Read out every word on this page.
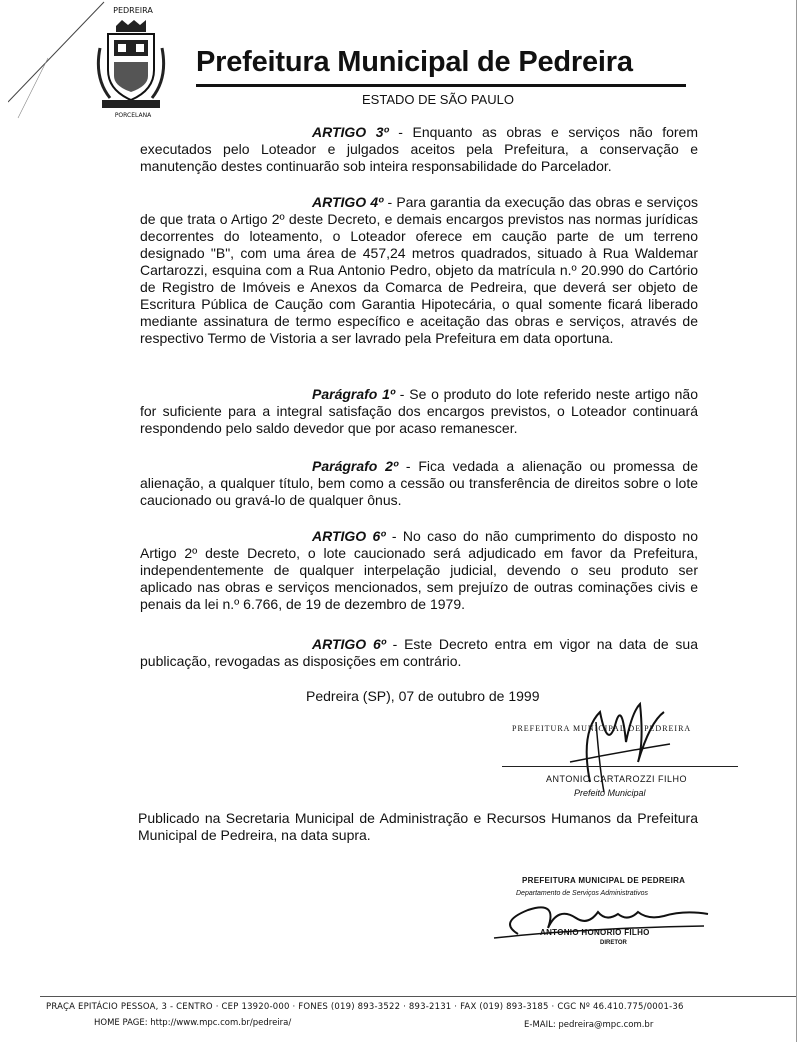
PEDREIRA
PORCELANA
Prefeitura Municipal de Pedreira
ESTADO DE SÃO PAULO

ARTIGO 3º - Enquanto as obras e serviços não forem executados pelo Loteador e julgados aceitos pela Prefeitura, a conservação e manutenção destes continuarão sob inteira responsabilidade do Parcelador.

ARTIGO 4º - Para garantia da execução das obras e serviços de que trata o Artigo 2º deste Decreto, e demais encargos previstos nas normas jurídicas decorrentes do loteamento, o Loteador oferece em caução parte de um terreno designado "B", com uma área de 457,24 metros quadrados, situado à Rua Waldemar Cartarozzi, esquina com a Rua Antonio Pedro, objeto da matrícula n.º 20.990 do Cartório de Registro de Imóveis e Anexos da Comarca de Pedreira, que deverá ser objeto de Escritura Pública de Caução com Garantia Hipotecária, o qual somente ficará liberado mediante assinatura de termo específico e aceitação das obras e serviços, através de respectivo Termo de Vistoria a ser lavrado pela Prefeitura em data oportuna.

Parágrafo 1º - Se o produto do lote referido neste artigo não for suficiente para a integral satisfação dos encargos previstos, o Loteador continuará respondendo pelo saldo devedor que por acaso remanescer.

Parágrafo 2º - Fica vedada a alienação ou promessa de alienação, a qualquer título, bem como a cessão ou transferência de direitos sobre o lote caucionado ou gravá-lo de qualquer ônus.

ARTIGO 6º - No caso do não cumprimento do disposto no Artigo 2º deste Decreto, o lote caucionado será adjudicado em favor da Prefeitura, independentemente de qualquer interpelação judicial, devendo o seu produto ser aplicado nas obras e serviços mencionados, sem prejuízo de outras cominações civis e penais da lei n.º 6.766, de 19 de dezembro de 1979.

ARTIGO 6º - Este Decreto entra em vigor na data de sua publicação, revogadas as disposições em contrário.

Pedreira (SP), 07 de outubro de 1999
PREFEITURA MUNICIPAL DE PEDREIRA
ANTONIO CARTAROZZI FILHO
Prefeito Municipal

Publicado na Secretaria Municipal de Administração e Recursos Humanos da Prefeitura Municipal de Pedreira, na data supra.

PREFEITURA MUNICIPAL DE PEDREIRA
Departamento de Serviços Administrativos
ANTONIO HONORIO FILHO
DIRETOR
PRAÇA EPITÁCIO PESSOA, 3 - CENTRO · CEP 13920-000 · FONES (019) 893-3522 · 893-2131 · FAX (019) 893-3185 · CGC Nº 46.410.775/0001-36
HOME PAGE: http://www.mpc.com.br/pedreira/	E-MAIL: pedreira@mpc.com.br
